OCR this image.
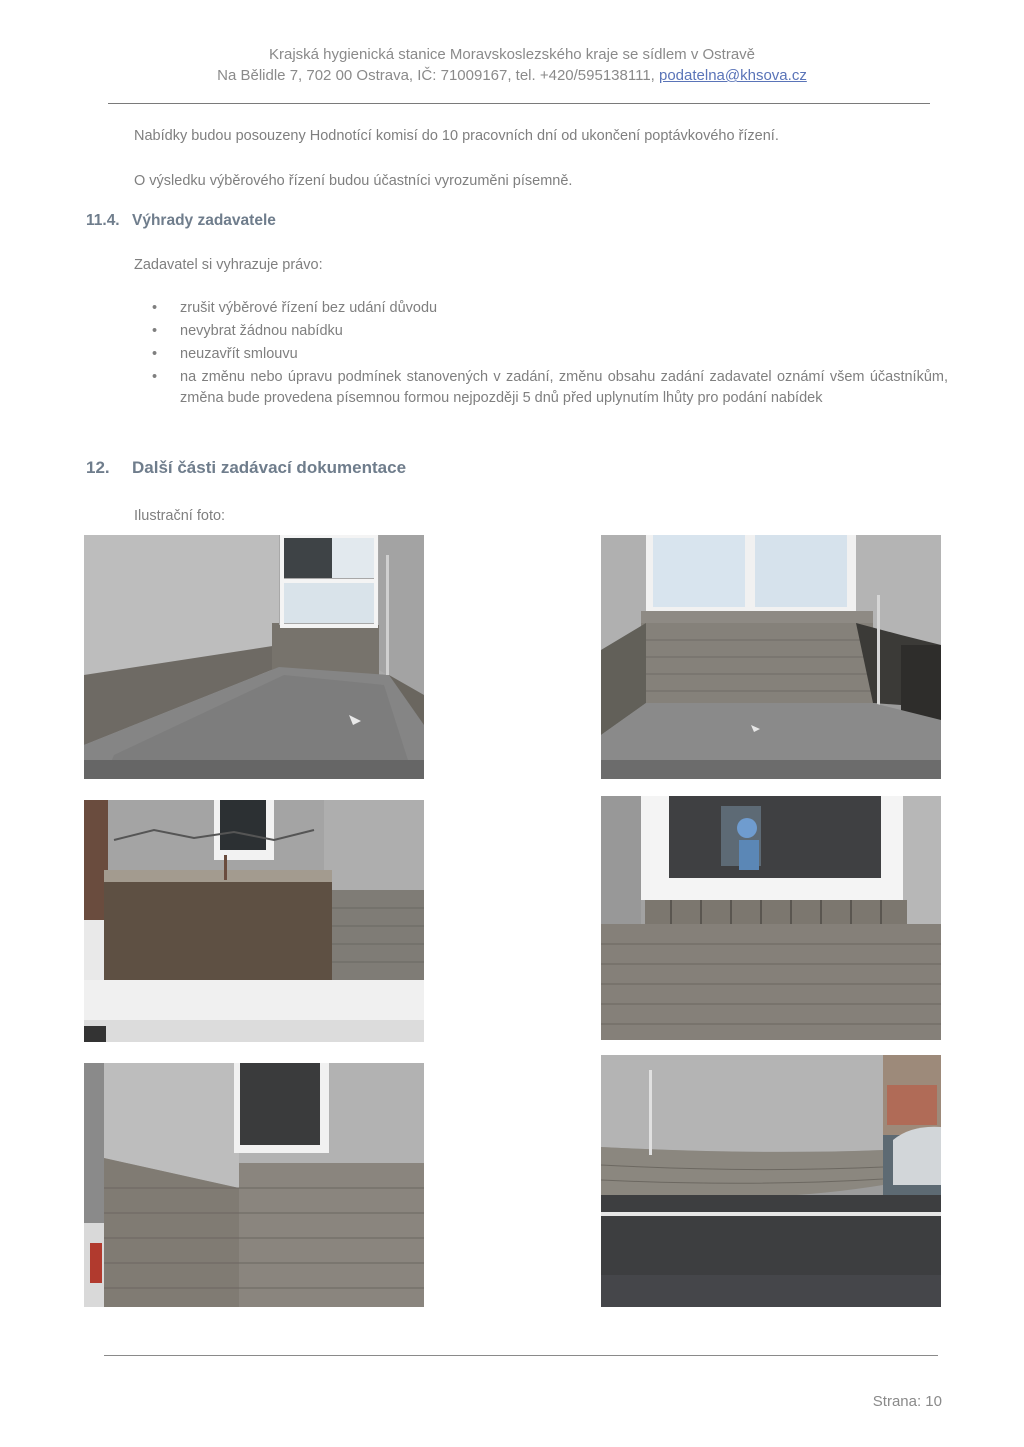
Krajská hygienická stanice Moravskoslezského kraje se sídlem v Ostravě
Na Bělidle 7, 702 00 Ostrava, IČ: 71009167, tel. +420/595138111, podatelna@khsova.cz
Nabídky budou posouzeny Hodnotící komisí do 10 pracovních dní od ukončení poptávkového řízení.
O výsledku výběrového řízení budou účastníci vyrozuměni písemně.
11.4. Výhrady zadavatele
Zadavatel si vyhrazuje právo:
• zrušit výběrové řízení bez udání důvodu
• nevybrat žádnou nabídku
• neuzavřít smlouvu
• na změnu nebo úpravu podmínek stanovených v zadání, změnu obsahu zadání zadavatel oznámí všem účastníkům, změna bude provedena písemnou formou nejpozději 5 dnů před uplynutím lhůty pro podání nabídek
12. Další části zadávací dokumentace
Ilustrační foto:
Strana: 10
